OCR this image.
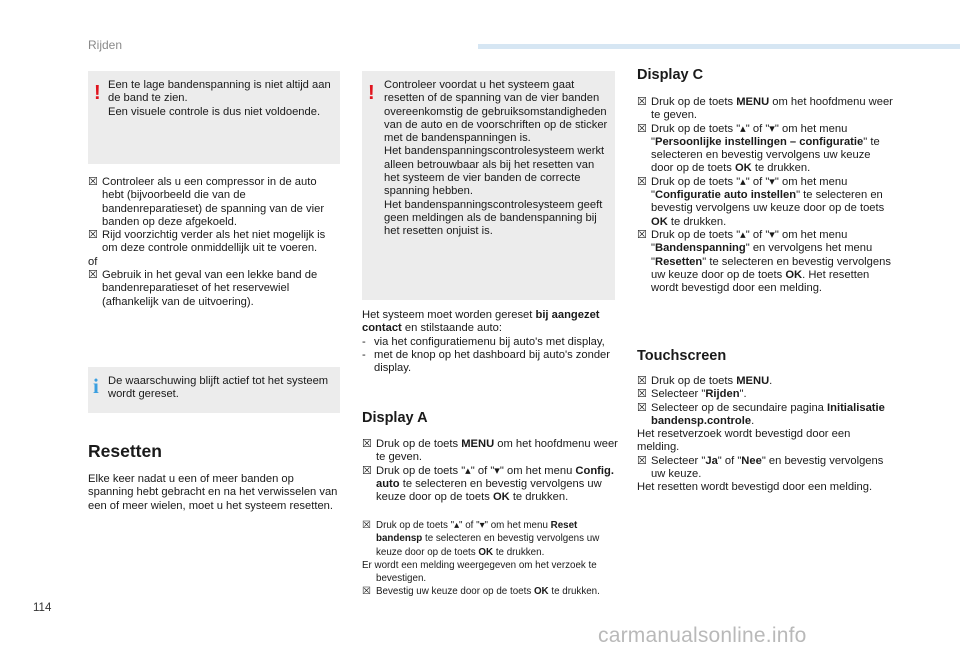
Rijden
! Een te lage bandenspanning is niet altijd aan de band te zien.

Een visuele controle is dus niet voldoende.

☒ Controleer als u een compressor in de auto hebt (bijvoorbeeld die van de bandenreparatieset) de spanning van de vier banden op deze afgekoeld.

☒ Rijd voorzichtig verder als het niet mogelijk is om deze controle onmiddellijk uit te voeren.

of

☒ Gebruik in het geval van een lekke band de bandenreparatieset of het reservewiel (afhankelijk van de uitvoering).

i De waarschuwing blijft actief tot het systeem wordt gereset.
Resetten
Elke keer nadat u een of meer banden op spanning hebt gebracht en na het verwisselen van een of meer wielen, moet u het systeem resetten.
! Controleer voordat u het systeem gaat resetten of de spanning van de vier banden overeenkomstig de gebruiksomstandigheden van de auto en de voorschriften op de sticker met de bandenspanningen is.

Het bandenspanningscontrolesysteem werkt alleen betrouwbaar als bij het resetten van het systeem de vier banden de correcte spanning hebben.

Het bandenspanningscontrolesysteem geeft geen meldingen als de bandenspanning bij het resetten onjuist is.

Het systeem moet worden gereset bij aangezet contact en stilstaande auto:

- via het configuratiemenu bij auto's met display,

- met de knop op het dashboard bij auto's zonder display.

Display A

☒ Druk op de toets MENU om het hoofdmenu weer te geven.

☒ Druk op de toets "▴" of "▾" om het menu Config. auto te selecteren en bevestig vervolgens uw keuze door op de toets OK te drukken.

☒ Druk op de toets "▴" of "▾" om het menu Reset bandensp te selecteren en bevestig vervolgens uw keuze door op de toets OK te drukken.

Er wordt een melding weergegeven om het verzoek te bevestigen.

☒ Bevestig uw keuze door op de toets OK te drukken.

Display C

☒ Druk op de toets MENU om het hoofdmenu weer te geven.

☒ Druk op de toets "▴" of "▾" om het menu "Persoonlijke instellingen – configuratie" te selecteren en bevestig vervolgens uw keuze door op de toets OK te drukken.

☒ Druk op de toets "▴" of "▾" om het menu "Configuratie auto instellen" te selecteren en bevestig vervolgens uw keuze door op de toets OK te drukken.

☒ Druk op de toets "▴" of "▾" om het menu "Bandenspanning" en vervolgens het menu "Resetten" te selecteren en bevestig vervolgens uw keuze door op de toets OK. Het resetten wordt bevestigd door een melding.

Touchscreen

☒ Druk op de toets MENU.

☒ Selecteer "Rijden".

☒ Selecteer op de secundaire pagina Initialisatie bandensp.controle.

Het resetverzoek wordt bevestigd door een melding.

☒ Selecteer "Ja" of "Nee" en bevestig vervolgens uw keuze.

Het resetten wordt bevestigd door een melding.

114
carmanualsonline.info
